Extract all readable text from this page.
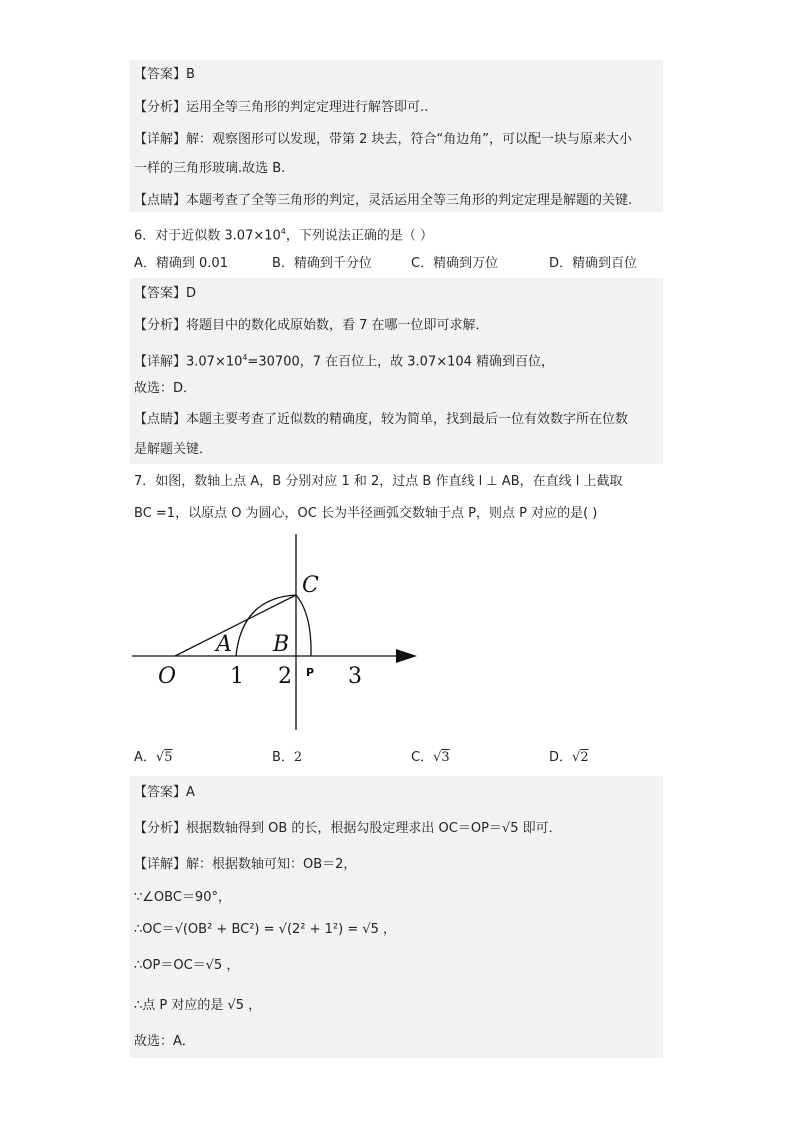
【答案】B
【分析】运用全等三角形的判定定理进行解答即可..
【详解】解：观察图形可以发现，带第 2 块去，符合“角边角”，可以配一块与原来大小
一样的三角形玻璃.故选 B.
【点睛】本题考查了全等三角形的判定，灵活运用全等三角形的判定定理是解题的关键.
6．对于近似数 $3.07\times 10^4$，下列说法正确的是（ ）
A．精确到 0.01	B．精确到千分位	C．精确到万位	D．精确到百位
【答案】D
【分析】将题目中的数化成原始数，看 7 在哪一位即可求解．
【详解】$3.07\times 10^4=30700$，7 在百位上，故 3.07×104 精确到百位，
故选：D．
【点睛】本题主要考查了近似数的精确度，较为简单，找到最后一位有效数字所在位数
是解题关键．
7．如图，数轴上点 A，B 分别对应 1 和 2，过点 B 作直线 l ⊥ AB，在直线 l 上截取
BC =1，以原点 O 为圆心，OC 长为半径画弧交数轴于点 P，则点 P 对应的是( )
C
A B
O 1 2 P 3
A．√5	B．2	C．√3	D．√2
【答案】A
【分析】根据数轴得到 OB 的长，根据勾股定理求出 OC＝OP＝√5 即可．
【详解】解：根据数轴可知：OB＝2，
∵∠OBC＝90°，
∴OC＝√(OB² + BC²) = √(2² + 1²) = √5 ，
∴OP＝OC＝√5 ，
∴点 P 对应的是 √5 ，
故选：A．
